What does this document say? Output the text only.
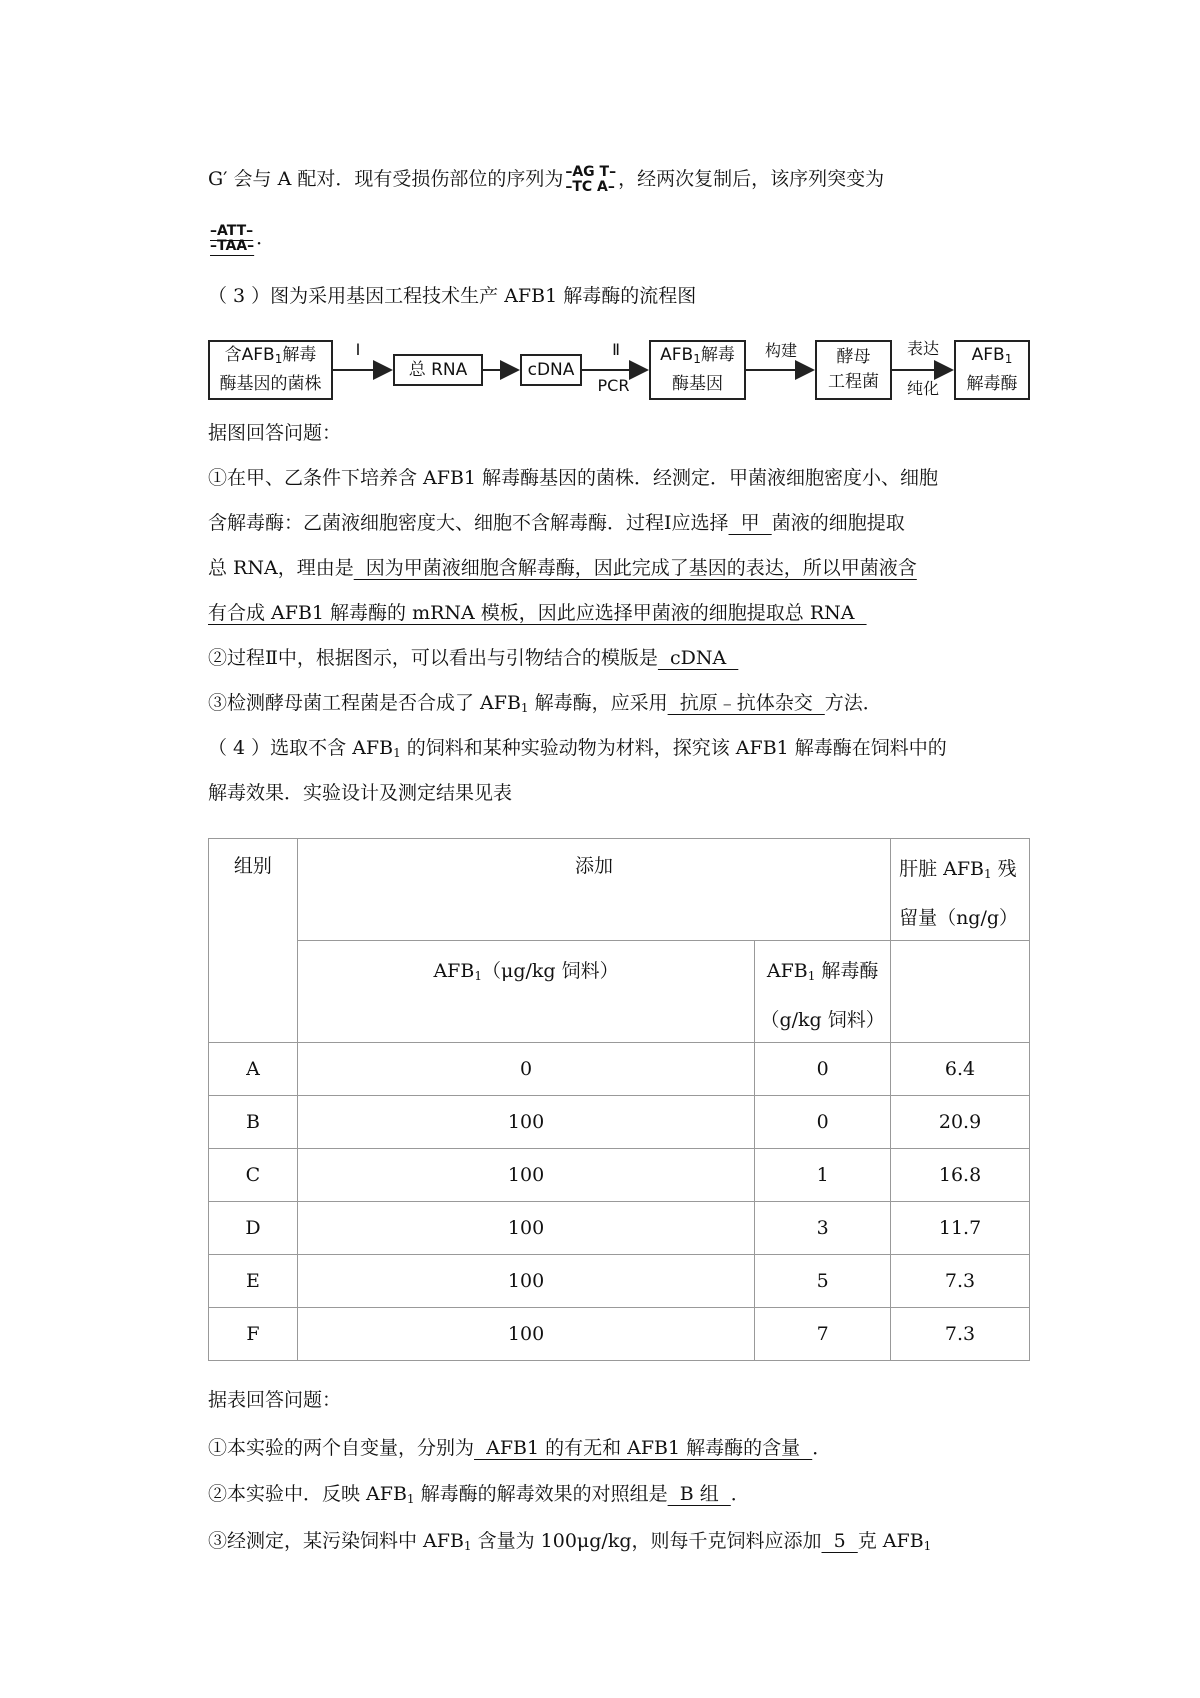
G′ 会与 A 配对．现有受损伤部位的序列为 –AG T–
–TC A– ，经两次复制后，该序列突变为
–ATT–
–TAA– ．
（ 3 ）图为采用基因工程技术生产 AFB1 解毒酶的流程图
含$AFB_1$解毒
酶基因的菌株
Ⅰ
总 RNA	cDNA
Ⅱ
PCR
$AFB_1$解毒
酶基因
构建	酵母
工程菌
表达
纯化
$AFB_1$
解毒酶
据图回答问题：
①在甲、乙条件下培养含 AFB1 解毒酶基因的菌株．经测定．甲菌液细胞密度小、细胞
含解毒酶：乙菌液细胞密度大、细胞不含解毒酶．过程Ⅰ应选择  甲  菌液的细胞提取
总 RNA，理由是  因为甲菌液细胞含解毒酶，因此完成了基因的表达，所以甲菌液含
有合成 AFB1 解毒酶的 mRNA 模板，因此应选择甲菌液的细胞提取总 RNA
②过程Ⅱ中，根据图示，可以看出与引物结合的模版是  cDNA
③检测酵母菌工程菌是否合成了 $AFB_1$ 解毒酶，应采用  抗原﹣抗体杂交  方法．
（ 4 ）选取不含 $AFB_1$ 的饲料和某种实验动物为材料，探究该 AFB1 解毒酶在饲料中的
解毒效果．实验设计及测定结果见表
组别	添加		肝脏 $AFB_1$ 残
留量（ng/g）
	$AFB_1(\mu g/kg$ 饲料）	$AFB_1$ 解毒酶
（g/kg 饲料）	
A	0	0	6.4
B	100	0	20.9
C	100	1	16.8
D	100	3	11.7
E	100	5	7.3
F	100	7	7.3
据表回答问题：
①本实验的两个自变量，分别为  AFB1 的有无和 AFB1 解毒酶的含量  ．
②本实验中．反映 $AFB_1$ 解毒酶的解毒效果的对照组是  B 组  ．
③经测定，某污染饲料中 $AFB_1$ 含量为 100μg/kg，则每千克饲料应添加  5  克 $AFB_1$
